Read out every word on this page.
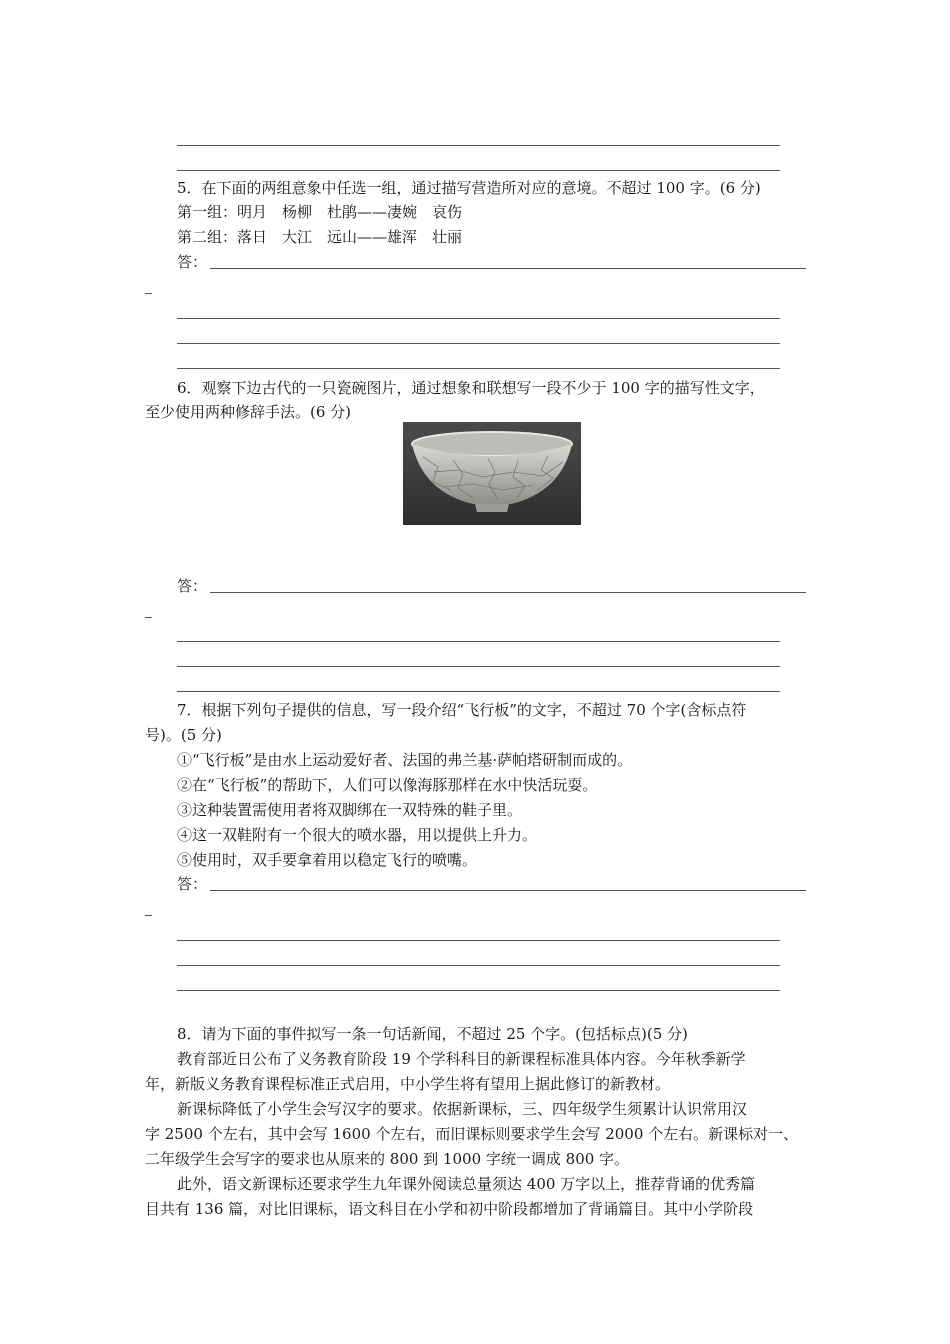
5．在下面的两组意象中任选一组，通过描写营造所对应的意境。不超过 100 字。(6 分)
第一组：明月　杨柳　杜鹃——凄婉　哀伤
第二组：落日　大江　远山——雄浑　壮丽
答：
6．观察下边古代的一只瓷碗图片，通过想象和联想写一段不少于 100 字的描写性文字，
至少使用两种修辞手法。(6 分)
答：
7．根据下列句子提供的信息，写一段介绍“飞行板”的文字，不超过 70 个字(含标点符
号)。(5 分)
①“飞行板”是由水上运动爱好者、法国的弗兰基·萨帕塔研制而成的。
②在“飞行板”的帮助下，人们可以像海豚那样在水中快活玩耍。
③这种装置需使用者将双脚绑在一双特殊的鞋子里。
④这一双鞋附有一个很大的喷水器，用以提供上升力。
⑤使用时，双手要拿着用以稳定飞行的喷嘴。
答：
8．请为下面的事件拟写一条一句话新闻，不超过 25 个字。(包括标点)(5 分)
教育部近日公布了义务教育阶段 19 个学科科目的新课程标准具体内容。今年秋季新学
年，新版义务教育课程标准正式启用，中小学生将有望用上据此修订的新教材。
新课标降低了小学生会写汉字的要求。依据新课标，三、四年级学生须累计认识常用汉
字 2500 个左右，其中会写 1600 个左右，而旧课标则要求学生会写 2000 个左右。新课标对一、
二年级学生会写字的要求也从原来的 800 到 1000 字统一调成 800 字。
此外，语文新课标还要求学生九年课外阅读总量须达 400 万字以上，推荐背诵的优秀篇
目共有 136 篇，对比旧课标，语文科目在小学和初中阶段都增加了背诵篇目。其中小学阶段
